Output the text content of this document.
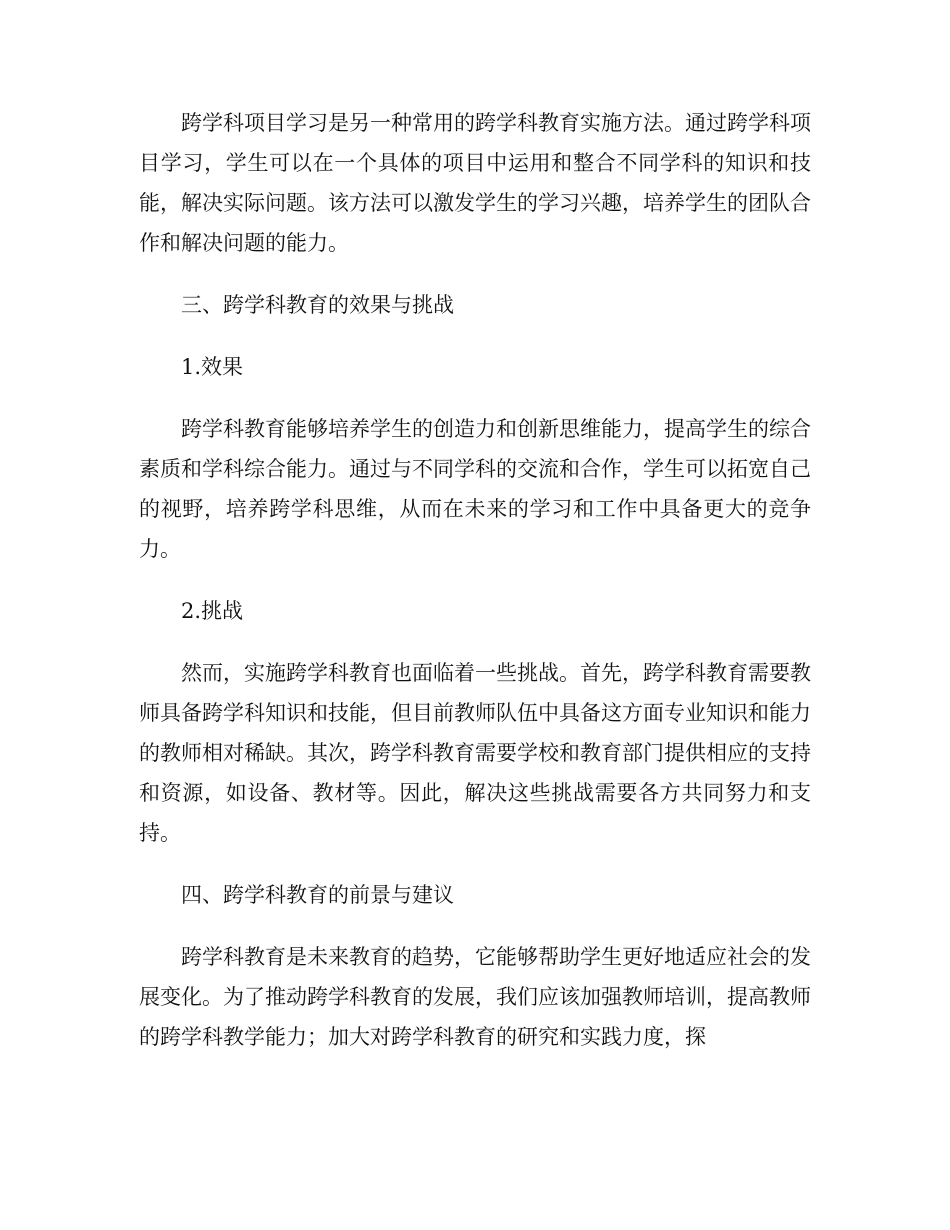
跨学科项目学习是另一种常用的跨学科教育实施方法。通过跨学科项目学习，学生可以在一个具体的项目中运用和整合不同学科的知识和技能，解决实际问题。该方法可以激发学生的学习兴趣，培养学生的团队合作和解决问题的能力。

三、跨学科教育的效果与挑战

1.效果

跨学科教育能够培养学生的创造力和创新思维能力，提高学生的综合素质和学科综合能力。通过与不同学科的交流和合作，学生可以拓宽自己的视野，培养跨学科思维，从而在未来的学习和工作中具备更大的竞争力。

2.挑战

然而，实施跨学科教育也面临着一些挑战。首先，跨学科教育需要教师具备跨学科知识和技能，但目前教师队伍中具备这方面专业知识和能力的教师相对稀缺。其次，跨学科教育需要学校和教育部门提供相应的支持和资源，如设备、教材等。因此，解决这些挑战需要各方共同努力和支持。

四、跨学科教育的前景与建议

跨学科教育是未来教育的趋势，它能够帮助学生更好地适应社会的发展变化。为了推动跨学科教育的发展，我们应该加强教师培训，提高教师的跨学科教学能力；加大对跨学科教育的研究和实践力度，探
